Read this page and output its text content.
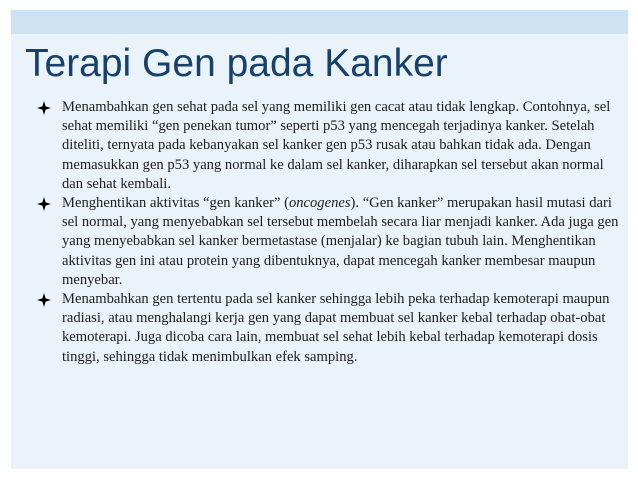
Terapi Gen pada Kanker
Menambahkan gen sehat pada sel yang memiliki gen cacat atau tidak lengkap. Contohnya, sel sehat memiliki “gen penekan tumor” seperti p53 yang mencegah terjadinya kanker. Setelah diteliti, ternyata pada kebanyakan sel kanker gen p53 rusak atau bahkan tidak ada. Dengan memasukkan gen p53 yang normal ke dalam sel kanker, diharapkan sel tersebut akan normal dan sehat kembali.
Menghentikan aktivitas “gen kanker” (oncogenes). “Gen kanker” merupakan hasil mutasi dari sel normal, yang menyebabkan sel tersebut membelah secara liar menjadi kanker. Ada juga gen yang menyebabkan sel kanker bermetastase (menjalar) ke bagian tubuh lain. Menghentikan aktivitas gen ini atau protein yang dibentuknya, dapat mencegah kanker membesar maupun menyebar.
Menambahkan gen tertentu pada sel kanker sehingga lebih peka terhadap kemoterapi maupun radiasi, atau menghalangi kerja gen yang dapat membuat sel kanker kebal terhadap obat-obat kemoterapi. Juga dicoba cara lain, membuat sel sehat lebih kebal terhadap kemoterapi dosis tinggi, sehingga tidak menimbulkan efek samping.
